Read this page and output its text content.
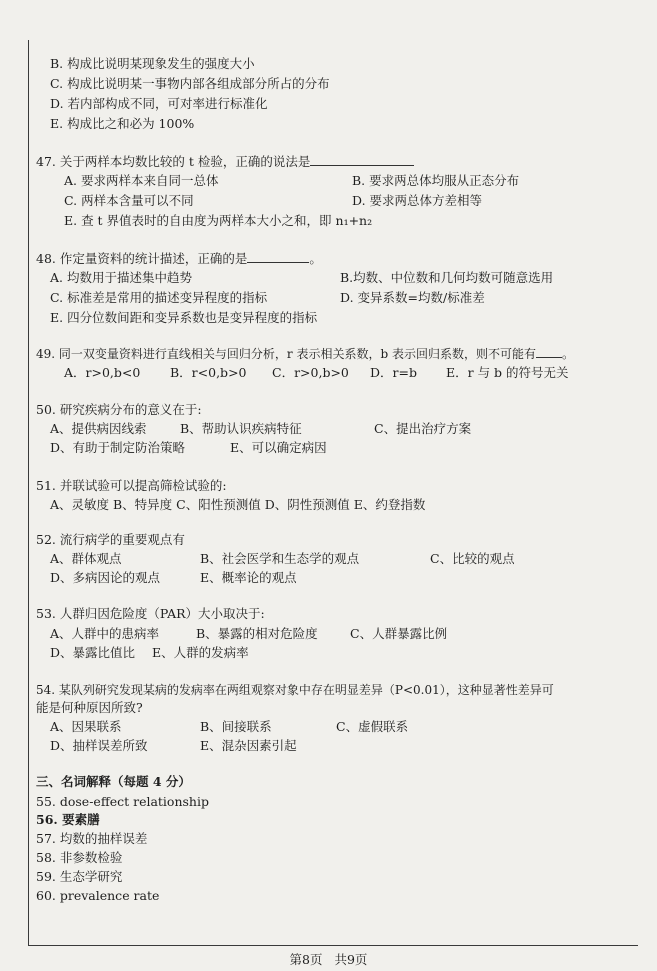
B. 构成比说明某现象发生的强度大小
C. 构成比说明某一事物内部各组成部分所占的分布
D. 若内部构成不同，可对率进行标准化
E. 构成比之和必为 100%
47. 关于两样本均数比较的 t 检验，正确的说法是
A. 要求两样本来自同一总体	B. 要求两总体均服从正态分布
C. 两样本含量可以不同	D. 要求两总体方差相等
E. 查 t 界值表时的自由度为两样本大小之和，即 n₁+n₂
48. 作定量资料的统计描述，正确的是	。
A. 均数用于描述集中趋势	B.均数、中位数和几何均数可随意选用
C. 标准差是常用的描述变异程度的指标	D. 变异系数=均数/标准差
E. 四分位数间距和变异系数也是变异程度的指标
49. 同一双变量资料进行直线相关与回归分析，r 表示相关系数，b 表示回归系数，则不可能有 。
A．r>0,b<0 B．r<0,b>0 C．r>0,b>0 D．r=b E．r 与 b 的符号无关
50. 研究疾病分布的意义在于:
A、提供病因线索	B、帮助认识疾病特征	C、提出治疗方案
D、有助于制定防治策略	E、可以确定病因
51. 并联试验可以提高筛检试验的:
A、灵敏度 B、特异度 C、阳性预测值 D、阴性预测值 E、约登指数
52. 流行病学的重要观点有
A、群体观点	B、社会医学和生态学的观点	C、比较的观点
D、多病因论的观点	E、概率论的观点
53. 人群归因危险度（PAR）大小取决于:
A、人群中的患病率	B、暴露的相对危险度	C、人群暴露比例
D、暴露比值比 E、人群的发病率
54. 某队列研究发现某病的发病率在两组观察对象中存在明显差异（P<0.01），这种显著性差异可
能是何种原因所致?
A、因果联系	B、间接联系	C、虚假联系
D、抽样误差所致	E、混杂因素引起
三、名词解释（每题 4 分）
55. dose-effect relationship
56. 要素膳
57. 均数的抽样误差
58. 非参数检验
59. 生态学研究
60. prevalence rate
第8页 共9页
